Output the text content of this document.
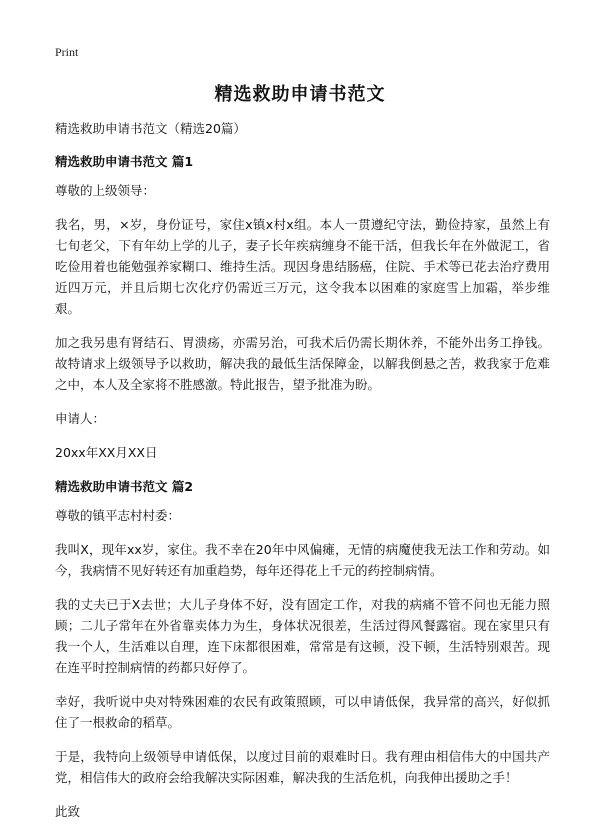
Print
精选救助申请书范文
精选救助申请书范文（精选20篇）
精选救助申请书范文 篇1
尊敬的上级领导：
我名，男，×岁，身份证号，家住x镇x村x组。本人一贯遵纪守法，勤俭持家，虽然上有七旬老父，下有年幼上学的儿子，妻子长年疾病缠身不能干活，但我长年在外做泥工，省吃俭用着也能勉强养家糊口、维持生活。现因身患结肠癌，住院、手术等已花去治疗费用近四万元，并且后期七次化疗仍需近三万元，这令我本以困难的家庭雪上加霜，举步维艰。
加之我另患有肾结石、胃溃疡，亦需另治，可我术后仍需长期休养，不能外出务工挣钱。故特请求上级领导予以救助，解决我的最低生活保障金，以解我倒悬之苦，救我家于危难之中，本人及全家将不胜感激。特此报告，望予批准为盼。
申请人：
20xx年XX月XX日
精选救助申请书范文 篇2
尊敬的镇平志村村委：
我叫X，现年xx岁，家住。我不幸在20年中风偏瘫，无情的病魔使我无法工作和劳动。如今，我病情不见好转还有加重趋势，每年还得花上千元的药控制病情。
我的丈夫已于X去世；大儿子身体不好，没有固定工作，对我的病痛不管不问也无能力照顾；二儿子常年在外省靠卖体力为生，身体状况很差，生活过得风餐露宿。现在家里只有我一个人，生活难以自理，连下床都很困难，常常是有这顿，没下顿，生活特别艰苦。现在连平时控制病情的药都只好停了。
幸好，我听说中央对特殊困难的农民有政策照顾，可以申请低保，我异常的高兴，好似抓住了一根救命的稻草。
于是，我特向上级领导申请低保，以度过目前的艰难时日。我有理由相信伟大的中国共产党，相信伟大的政府会给我解决实际困难，解决我的生活危机，向我伸出援助之手！
此致
